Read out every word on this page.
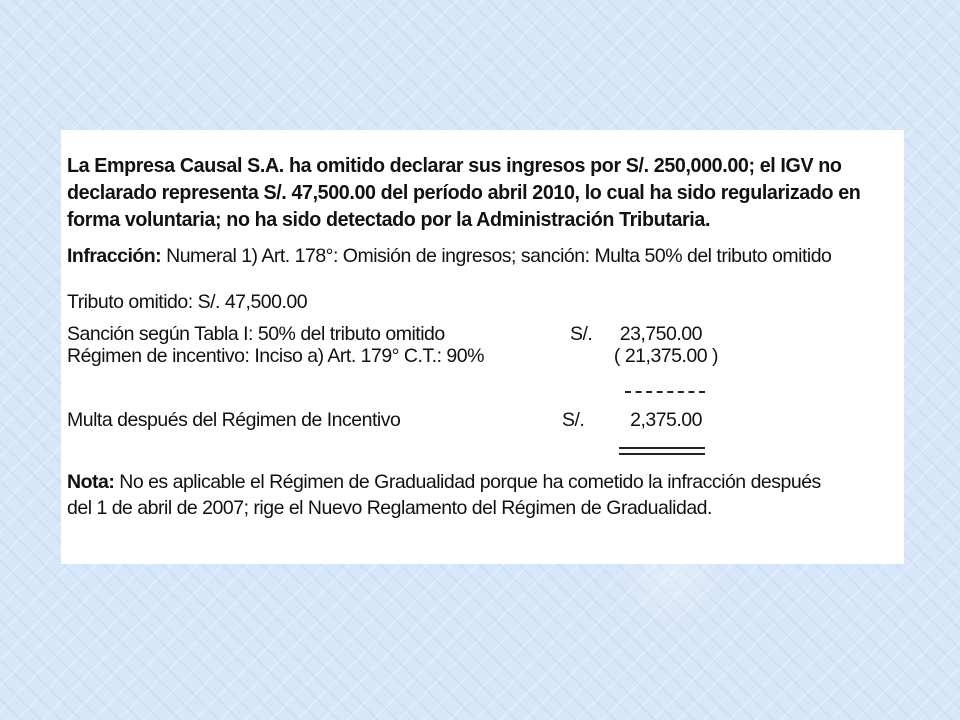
La Empresa Causal S.A. ha omitido declarar sus ingresos por S/. 250,000.00; el IGV no

declarado representa S/. 47,500.00 del período abril 2010, lo cual ha sido regularizado en

forma voluntaria; no ha sido detectado por la Administración Tributaria.

Infracción: Numeral 1) Art. 178°: Omisión de ingresos; sanción: Multa 50% del tributo omitido

Tributo omitido: S/. 47,500.00

Sanción según Tabla I: 50% del tributo omitido	S/. 23,750.00
Régimen de incentivo: Inciso a) Art. 179° C.T.: 90%	( 21,375.00 )
Multa después del Régimen de Incentivo	S/. 2,375.00

Nota: No es aplicable el Régimen de Gradualidad porque ha cometido la infracción después

del 1 de abril de 2007; rige el Nuevo Reglamento del Régimen de Gradualidad.
